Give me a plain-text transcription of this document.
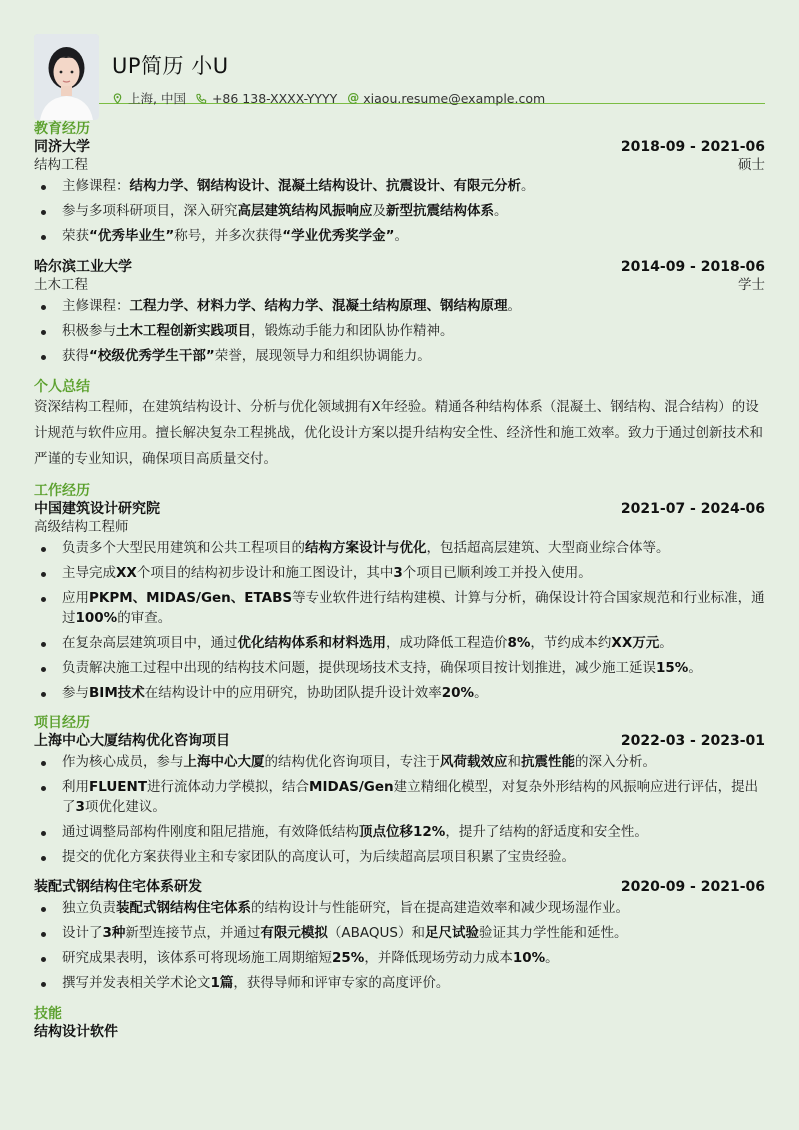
UP简历 小U
上海, 中国 +86 138-XXXX-YYYY @ xiaou.resume@example.com
教育经历
同济大学	2018-09 - 2021-06
结构工程	硕士
主修课程：结构力学、钢结构设计、混凝土结构设计、抗震设计、有限元分析。
参与多项科研项目，深入研究高层建筑结构风振响应及新型抗震结构体系。
荣获“优秀毕业生”称号，并多次获得“学业优秀奖学金”。
哈尔滨工业大学	2014-09 - 2018-06
土木工程	学士
主修课程：工程力学、材料力学、结构力学、混凝土结构原理、钢结构原理。
积极参与土木工程创新实践项目，锻炼动手能力和团队协作精神。
获得“校级优秀学生干部”荣誉，展现领导力和组织协调能力。
个人总结
资深结构工程师，在建筑结构设计、分析与优化领域拥有X年经验。精通各种结构体系（混凝土、钢结构、混合结构）的设计规范与软件应用。擅长解决复杂工程挑战，优化设计方案以提升结构安全性、经济性和施工效率。致力于通过创新技术和严谨的专业知识，确保项目高质量交付。
工作经历
中国建筑设计研究院	2021-07 - 2024-06
高级结构工程师
负责多个大型民用建筑和公共工程项目的结构方案设计与优化，包括超高层建筑、大型商业综合体等。
主导完成XX个项目的结构初步设计和施工图设计，其中3个项目已顺利竣工并投入使用。
应用PKPM、MIDAS/Gen、ETABS等专业软件进行结构建模、计算与分析，确保设计符合国家规范和行业标准，通过100%的审查。
在复杂高层建筑项目中，通过优化结构体系和材料选用，成功降低工程造价8%，节约成本约XX万元。
负责解决施工过程中出现的结构技术问题，提供现场技术支持，确保项目按计划推进，减少施工延误15%。
参与BIM技术在结构设计中的应用研究，协助团队提升设计效率20%。
项目经历
上海中心大厦结构优化咨询项目	2022-03 - 2023-01
作为核心成员，参与上海中心大厦的结构优化咨询项目，专注于风荷载效应和抗震性能的深入分析。
利用FLUENT进行流体动力学模拟，结合MIDAS/Gen建立精细化模型，对复杂外形结构的风振响应进行评估，提出了3项优化建议。
通过调整局部构件刚度和阻尼措施，有效降低结构顶点位移12%，提升了结构的舒适度和安全性。
提交的优化方案获得业主和专家团队的高度认可，为后续超高层项目积累了宝贵经验。
装配式钢结构住宅体系研发	2020-09 - 2021-06
独立负责装配式钢结构住宅体系的结构设计与性能研究，旨在提高建造效率和减少现场湿作业。
设计了3种新型连接节点，并通过有限元模拟（ABAQUS）和足尺试验验证其力学性能和延性。
研究成果表明，该体系可将现场施工周期缩短25%，并降低现场劳动力成本10%。
撰写并发表相关学术论文1篇，获得导师和评审专家的高度评价。
技能
结构设计软件
